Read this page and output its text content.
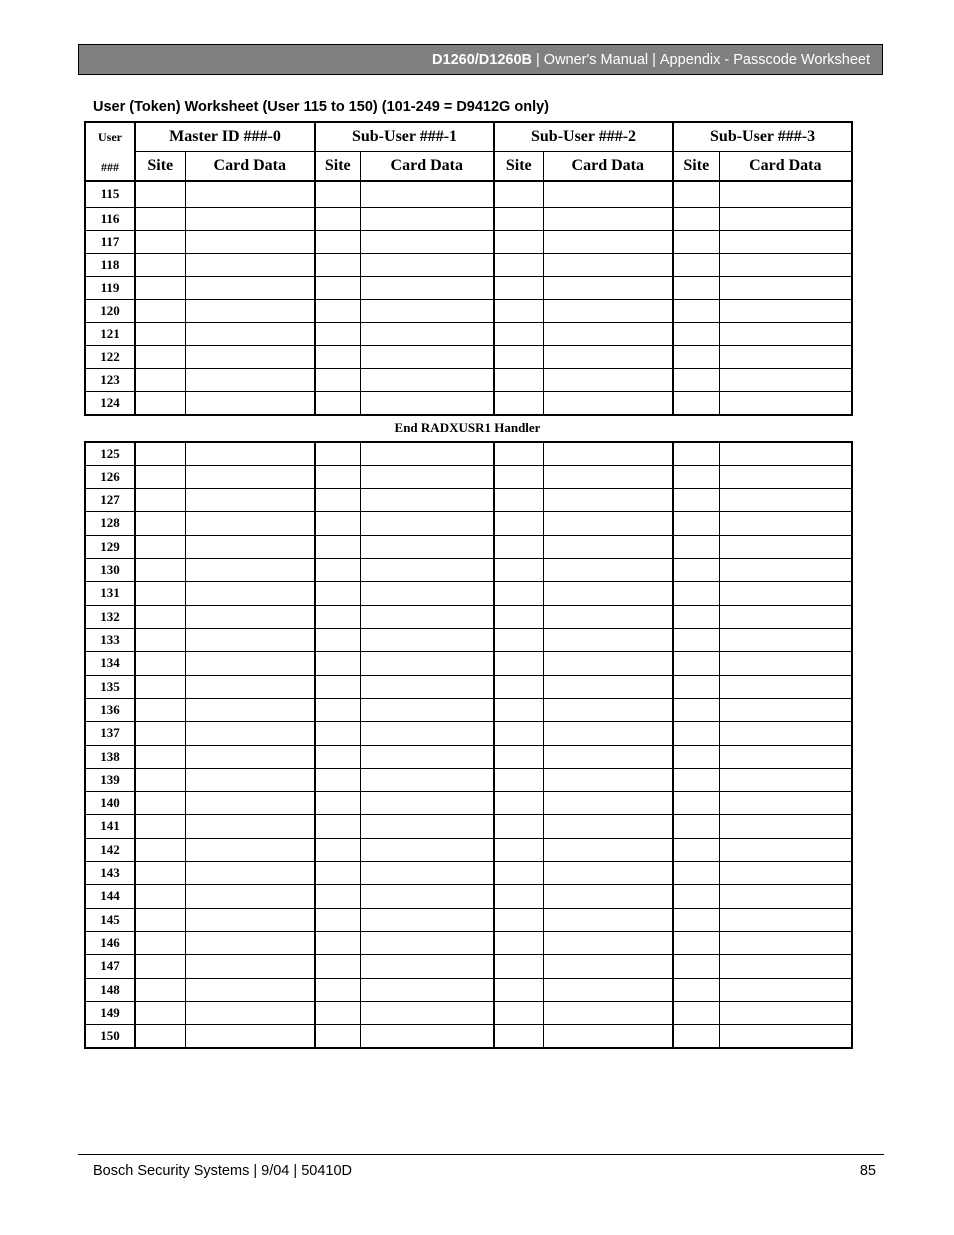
D1260/D1260B | Owner's Manual | Appendix - Passcode Worksheet
User (Token) Worksheet (User 115 to 150) (101-249 = D9412G only)
User
###	Master ID ###-0		Sub-User ###-1		Sub-User ###-2		Sub-User ###-3	
	Site	Card Data	Site	Card Data	Site	Card Data	Site	Card Data
115								
116								
117								
118								
119								
120								
121								
122								
123								
124								
End RADXUSR1 Handler
125								
126								
127								
128								
129								
130								
131								
132								
133								
134								
135								
136								
137								
138								
139								
140								
141								
142								
143								
144								
145								
146								
147								
148								
149								
150								
Bosch Security Systems | 9/04 | 50410D	85
